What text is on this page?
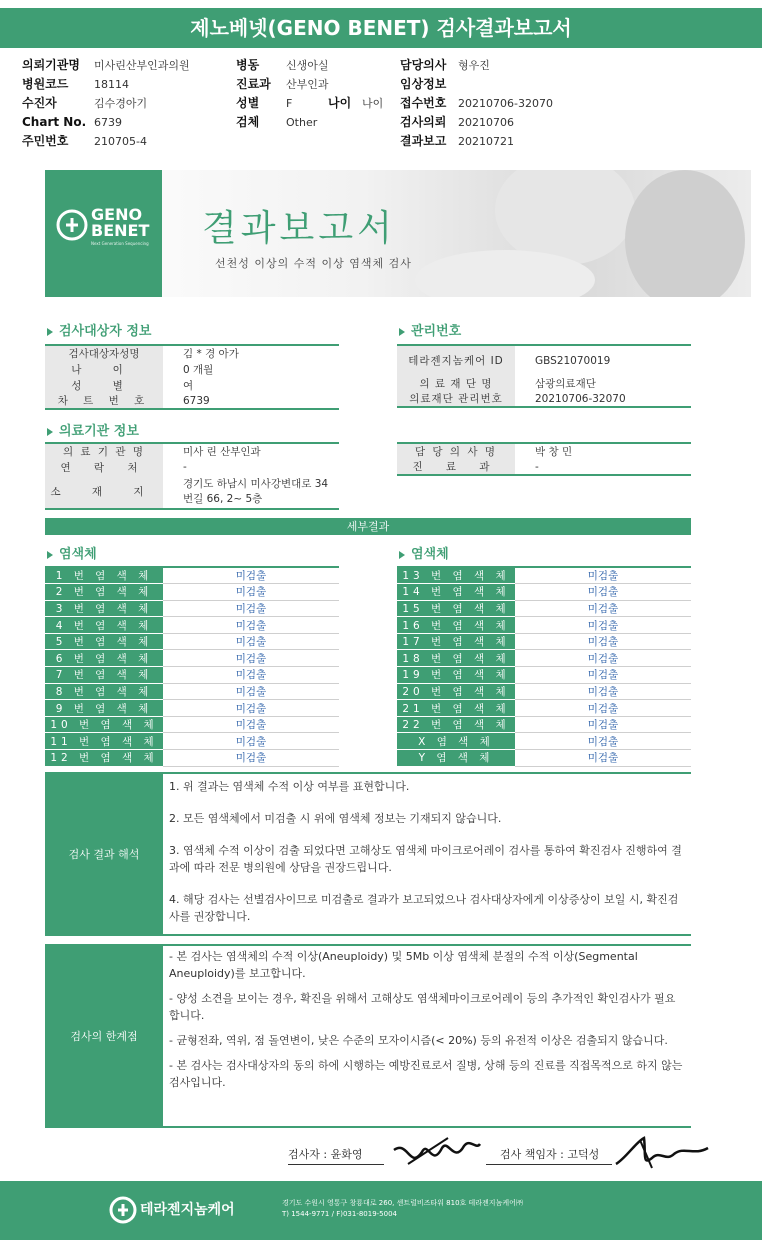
제노베넷(GENO BENET) 검사결과보고서
의뢰기관명 미사린산부인과의원
병원코드 18114
수진자	김수경아기
Chart No. 6739
주민번호 210705-4
병동 신생아실
진료과 산부인과
성별 F	나이 나이
검체 Other
담당의사 형우진
임상정보
접수번호 20210706-32070
검사의뢰 20210706
결과보고 20210721
GENO
BENET
Next Generation Sequencing 결과보고서
선천성 이상의 수적 이상 염색체 검사
검사대상자 정보
검사대상자성명	김 * 경 아가
나 이	0 개월
성 별	여
차 트 번 호	6739
관리번호
테라젠지놈케어 ID	GBS21070019
의 료 재 단 명	삼광의료재단
의료재단 관리번호	20210706-32070
의료기관 정보
의 료 기 관 명	미사 린 산부인과
연 락 처	-
소 재 지	경기도 하남시 미사강변대로 34 번길 66, 2~ 5층
담 당 의 사 명	박 창 민
진 료 과	-
세부결과
염색체	염색체
1 번 염 색 체	미검출	
2 번 염 색 체	미검출	
3 번 염 색 체	미검출	
4 번 염 색 체	미검출	
5 번 염 색 체	미검출	
6 번 염 색 체	미검출	
7 번 염 색 체	미검출	
8 번 염 색 체	미검출	
9 번 염 색 체	미검출	
10 번 염 색 체	미검출	
11 번 염 색 체	미검출	
12 번 염 색 체	미검출	
13 번 염 색 체	미검출	
14 번 염 색 체	미검출	
15 번 염 색 체	미검출	
16 번 염 색 체	미검출	
17 번 염 색 체	미검출	
18 번 염 색 체	미검출	
19 번 염 색 체	미검출	
20 번 염 색 체	미검출	
21 번 염 색 체	미검출	
22 번 염 색 체	미검출	
X 염 색 체	미검출	
Y 염 색 체	미검출	
검사 결과 해석

1. 위 결과는 염색체 수적 이상 여부를 표현합니다.

2. 모든 염색체에서 미검출 시 위에 염색체 정보는 기재되지 않습니다.

3. 염색체 수적 이상이 검출 되었다면 고해상도 염색체 마이크로어레이 검사를 통하여 확진검사 진행하여 결과에 따라 전문 병의원에 상담을 권장드립니다.

4. 해당 검사는 선별검사이므로 미검출로 결과가 보고되었으나 검사대상자에게 이상증상이 보일 시, 확진검사를 권장합니다.

검사의 한계점

- 본 검사는 염색체의 수적 이상(Aneuploidy) 및 5Mb 이상 염색체 분절의 수적 이상(Segmental Aneuploidy)를 보고합니다.

- 양성 소견을 보이는 경우, 확진을 위해서 고해상도 염색체마이크로어레이 등의 추가적인 확인검사가 필요합니다.

- 균형전좌, 역위, 점 돌연변이, 낮은 수준의 모자이시즘(< 20%) 등의 유전적 이상은 검출되지 않습니다.

- 본 검사는 검사대상자의 동의 하에 시행하는 예방진료로서 질병, 상해 등의 진료를 직접목적으로 하지 않는 검사입니다.

검사자 : 윤화영	검사 책임자 : 고덕성
테라젠지놈케어	경기도 수원시 영통구 창룡대로 260, 센트럴비즈타워 810호 테라젠지놈케어㈜
T) 1544-9771 / F)031-8019-5004
